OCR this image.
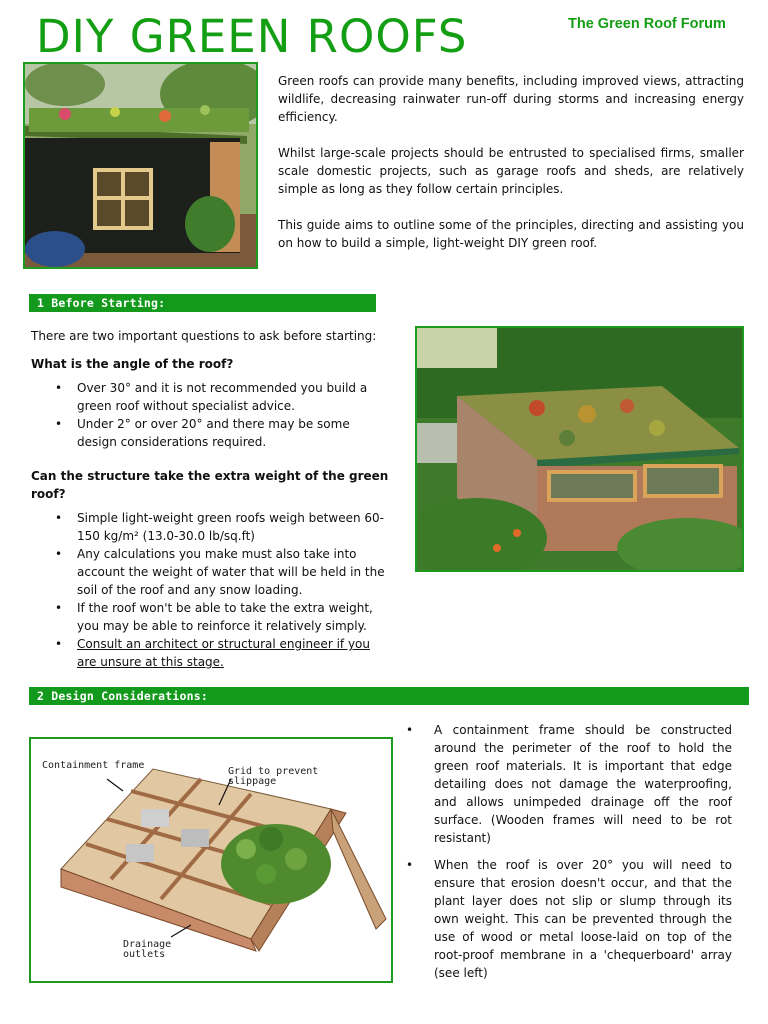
DIY GREEN ROOFS	The Green Roof Forum

Green roofs can provide many benefits, including improved views, attracting wildlife, decreasing rainwater run-off during storms and increasing energy efficiency.

Whilst large-scale projects should be entrusted to specialised firms, smaller scale domestic projects, such as garage roofs and sheds, are relatively simple as long as they follow certain principles.

This guide aims to outline some of the principles, directing and assisting you on how to build a simple, light-weight DIY green roof.

1 Before Starting:

There are two important questions to ask before starting:

What is the angle of the roof?

• Over 30° and it is not recommended you build a green roof without specialist advice.
• Under 2° or over 20° and there may be some design considerations required.

Can the structure take the extra weight of the green roof?

• Simple light-weight green roofs weigh between 60-150 kg/m² (13.0-30.0 lb/sq.ft)
• Any calculations you make must also take into account the weight of water that will be held in the soil of the roof and any snow loading.
• If the roof won't be able to take the extra weight, you may be able to reinforce it relatively simply.
• Consult an architect or structural engineer if you are unsure at this stage.
2 Design Considerations:
Containment frame
Grid to prevent
slippage
Drainage
outlets
• A containment frame should be constructed around the perimeter of the roof to hold the green roof materials. It is important that edge detailing does not damage the waterproofing, and allows unimpeded drainage off the roof surface. (Wooden frames will need to be rot resistant)
• When the roof is over 20° you will need to ensure that erosion doesn't occur, and that the plant layer does not slip or slump through its own weight. This can be prevented through the use of wood or metal loose-laid on top of the root-proof membrane in a 'chequerboard' array (see left)
